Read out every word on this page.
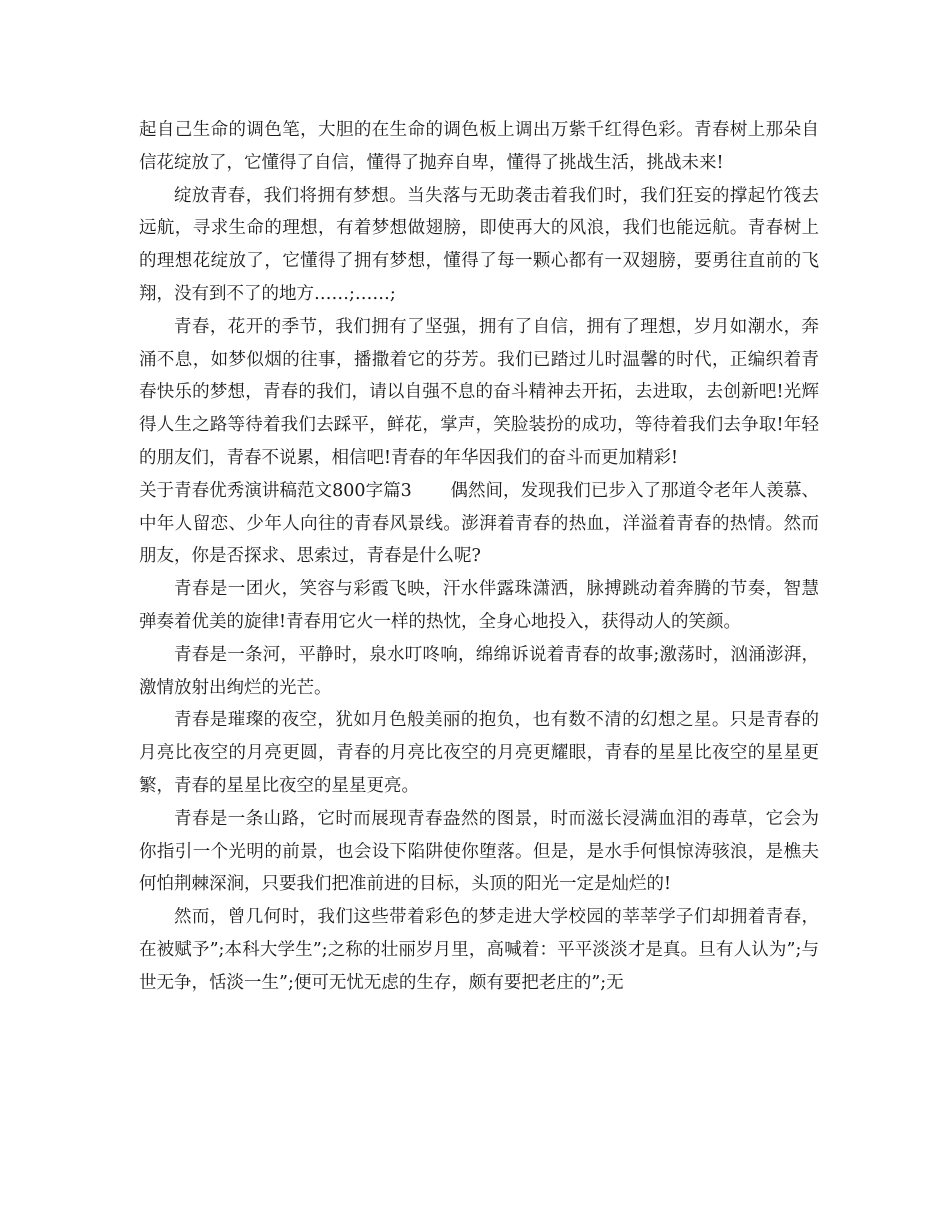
起自己生命的调色笔，大胆的在生命的调色板上调出万紫千红得色彩。青春树上那朵自信花绽放了，它懂得了自信，懂得了抛弃自卑，懂得了挑战生活，挑战未来!

绽放青春，我们将拥有梦想。当失落与无助袭击着我们时，我们狂妄的撑起竹筏去远航，寻求生命的理想，有着梦想做翅膀，即使再大的风浪，我们也能远航。青春树上的理想花绽放了，它懂得了拥有梦想，懂得了每一颗心都有一双翅膀，要勇往直前的飞翔，没有到不了的地方……;……;

青春，花开的季节，我们拥有了坚强，拥有了自信，拥有了理想，岁月如潮水，奔涌不息，如梦似烟的往事，播撒着它的芬芳。我们已踏过儿时温馨的时代，正编织着青春快乐的梦想，青春的我们，请以自强不息的奋斗精神去开拓，去进取，去创新吧!光辉得人生之路等待着我们去踩平，鲜花，掌声，笑脸装扮的成功，等待着我们去争取!年轻的朋友们，青春不说累，相信吧!青春的年华因我们的奋斗而更加精彩!

关于青春优秀演讲稿范文800字篇3 偶然间，发现我们已步入了那道令老年人羡慕、中年人留恋、少年人向往的青春风景线。澎湃着青春的热血，洋溢着青春的热情。然而朋友，你是否探求、思索过，青春是什么呢?

青春是一团火，笑容与彩霞飞映，汗水伴露珠潇洒，脉搏跳动着奔腾的节奏，智慧弹奏着优美的旋律!青春用它火一样的热忱，全身心地投入，获得动人的笑颜。

青春是一条河，平静时，泉水叮咚响，绵绵诉说着青春的故事;激荡时，汹涌澎湃，激情放射出绚烂的光芒。

青春是璀璨的夜空，犹如月色般美丽的抱负，也有数不清的幻想之星。只是青春的月亮比夜空的月亮更圆，青春的月亮比夜空的月亮更耀眼，青春的星星比夜空的星星更繁，青春的星星比夜空的星星更亮。

青春是一条山路，它时而展现青春盎然的图景，时而滋长浸满血泪的毒草，它会为你指引一个光明的前景，也会设下陷阱使你堕落。但是，是水手何惧惊涛骇浪，是樵夫何怕荆棘深涧，只要我们把准前进的目标，头顶的阳光一定是灿烂的!

然而，曾几何时，我们这些带着彩色的梦走进大学校园的莘莘学子们却拥着青春，在被赋予”;本科大学生”;之称的壮丽岁月里，高喊着：平平淡淡才是真。旦有人认为”;与世无争，恬淡一生”;便可无忧无虑的生存，颇有要把老庄的”;无
